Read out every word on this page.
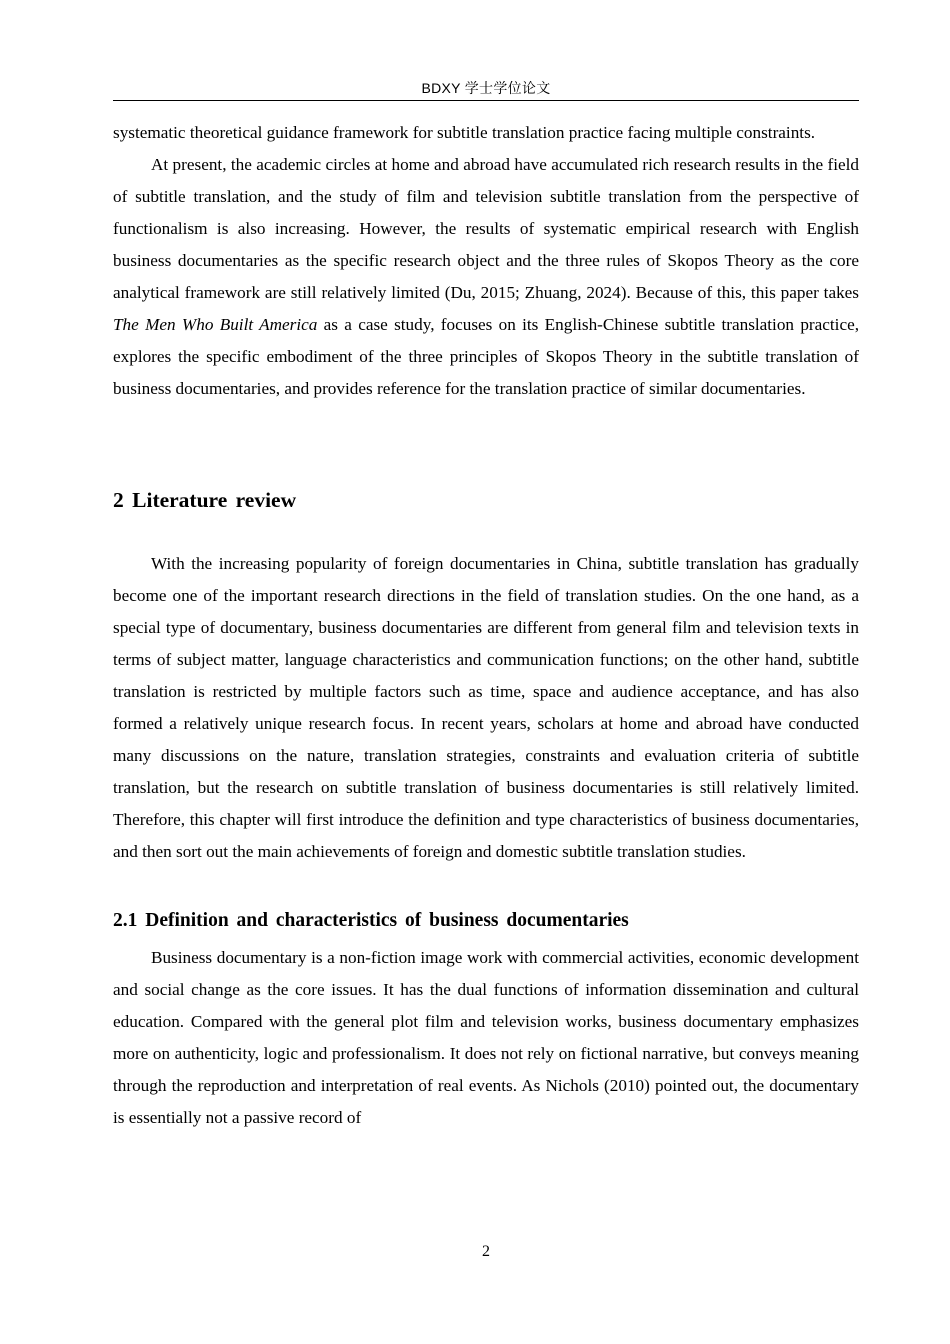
BDXY 学士学位论文

systematic theoretical guidance framework for subtitle translation practice facing multiple constraints.

At present, the academic circles at home and abroad have accumulated rich research results in the field of subtitle translation, and the study of film and television subtitle translation from the perspective of functionalism is also increasing. However, the results of systematic empirical research with English business documentaries as the specific research object and the three rules of Skopos Theory as the core analytical framework are still relatively limited (Du, 2015; Zhuang, 2024). Because of this, this paper takes The Men Who Built America as a case study, focuses on its English-Chinese subtitle translation practice, explores the specific embodiment of the three principles of Skopos Theory in the subtitle translation of business documentaries, and provides reference for the translation practice of similar documentaries.

2 Literature review

With the increasing popularity of foreign documentaries in China, subtitle translation has gradually become one of the important research directions in the field of translation studies. On the one hand, as a special type of documentary, business documentaries are different from general film and television texts in terms of subject matter, language characteristics and communication functions; on the other hand, subtitle translation is restricted by multiple factors such as time, space and audience acceptance, and has also formed a relatively unique research focus. In recent years, scholars at home and abroad have conducted many discussions on the nature, translation strategies, constraints and evaluation criteria of subtitle translation, but the research on subtitle translation of business documentaries is still relatively limited. Therefore, this chapter will first introduce the definition and type characteristics of business documentaries, and then sort out the main achievements of foreign and domestic subtitle translation studies.

2.1 Definition and characteristics of business documentaries

Business documentary is a non-fiction image work with commercial activities, economic development and social change as the core issues. It has the dual functions of information dissemination and cultural education. Compared with the general plot film and television works, business documentary emphasizes more on authenticity, logic and professionalism. It does not rely on fictional narrative, but conveys meaning through the reproduction and interpretation of real events. As Nichols (2010) pointed out, the documentary is essentially not a passive record of

2
